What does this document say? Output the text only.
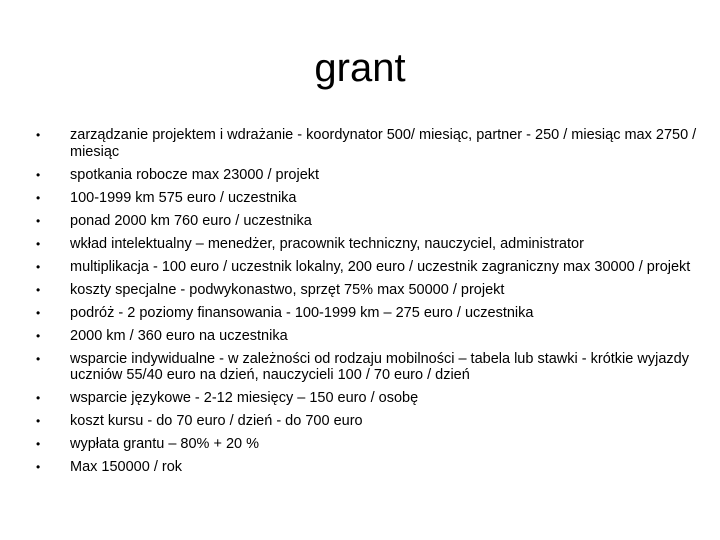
grant
• zarządzanie projektem i wdrażanie - koordynator 500/ miesiąc, partner - 250 / miesiąc max 2750 / miesiąc
• spotkania robocze max 23000 / projekt
• 100-1999 km 575 euro / uczestnika
• ponad 2000 km 760 euro / uczestnika
• wkład intelektualny – menedżer, pracownik techniczny, nauczyciel, administrator
• multiplikacja - 100 euro / uczestnik lokalny, 200 euro / uczestnik zagraniczny max 30000 / projekt
• koszty specjalne - podwykonastwo, sprzęt 75% max 50000 / projekt
• podróż - 2 poziomy finansowania - 100-1999 km – 275 euro / uczestnika
• 2000 km / 360 euro na uczestnika
• wsparcie indywidualne - w zależności od rodzaju mobilności – tabela lub stawki - krótkie wyjazdy uczniów 55/40 euro na dzień, nauczycieli 100 / 70 euro / dzień
• wsparcie językowe - 2-12 miesięcy – 150 euro / osobę
• koszt kursu - do 70 euro / dzień - do 700 euro
• wypłata grantu – 80% + 20 %
• Max 150000 / rok
